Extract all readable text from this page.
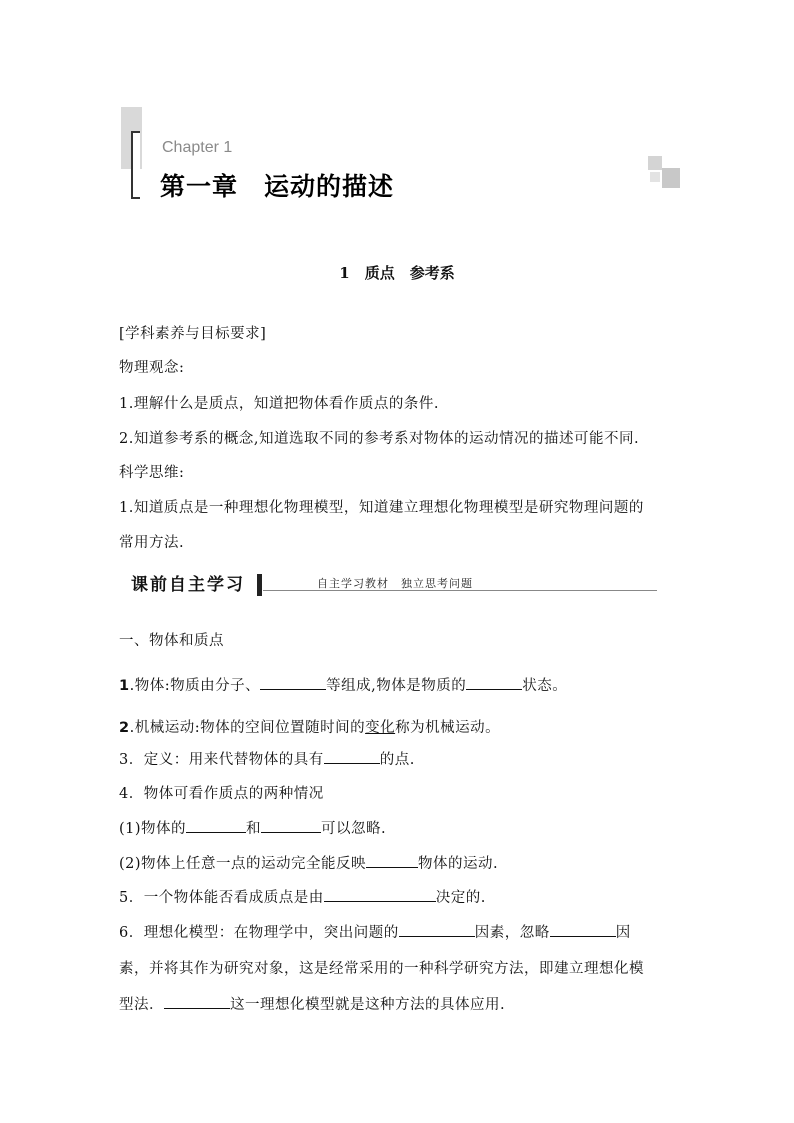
Chapter 1
第一章　运动的描述
1　质点　参考系
[学科素养与目标要求]
物理观念:
1.理解什么是质点，知道把物体看作质点的条件.
2.知道参考系的概念,知道选取不同的参考系对物体的运动情况的描述可能不同.
科学思维:
1.知道质点是一种理想化物理模型，知道建立理想化物理模型是研究物理问题的
常用方法.
课前自主学习	自主学习教材　独立思考问题
一、物体和质点
1.物体:物质由分子、	等组成,物体是物质的	状态。
2.机械运动:物体的空间位置随时间的变化称为机械运动。
3．定义：用来代替物体的具有	的点.
4．物体可看作质点的两种情况
(1)物体的	和	可以忽略.
(2)物体上任意一点的运动完全能反映	物体的运动.
5．一个物体能否看成质点是由	决定的.
6．理想化模型：在物理学中，突出问题的	因素，忽略	因
素，并将其作为研究对象，这是经常采用的一种科学研究方法，即建立理想化模
型法．	这一理想化模型就是这种方法的具体应用.
